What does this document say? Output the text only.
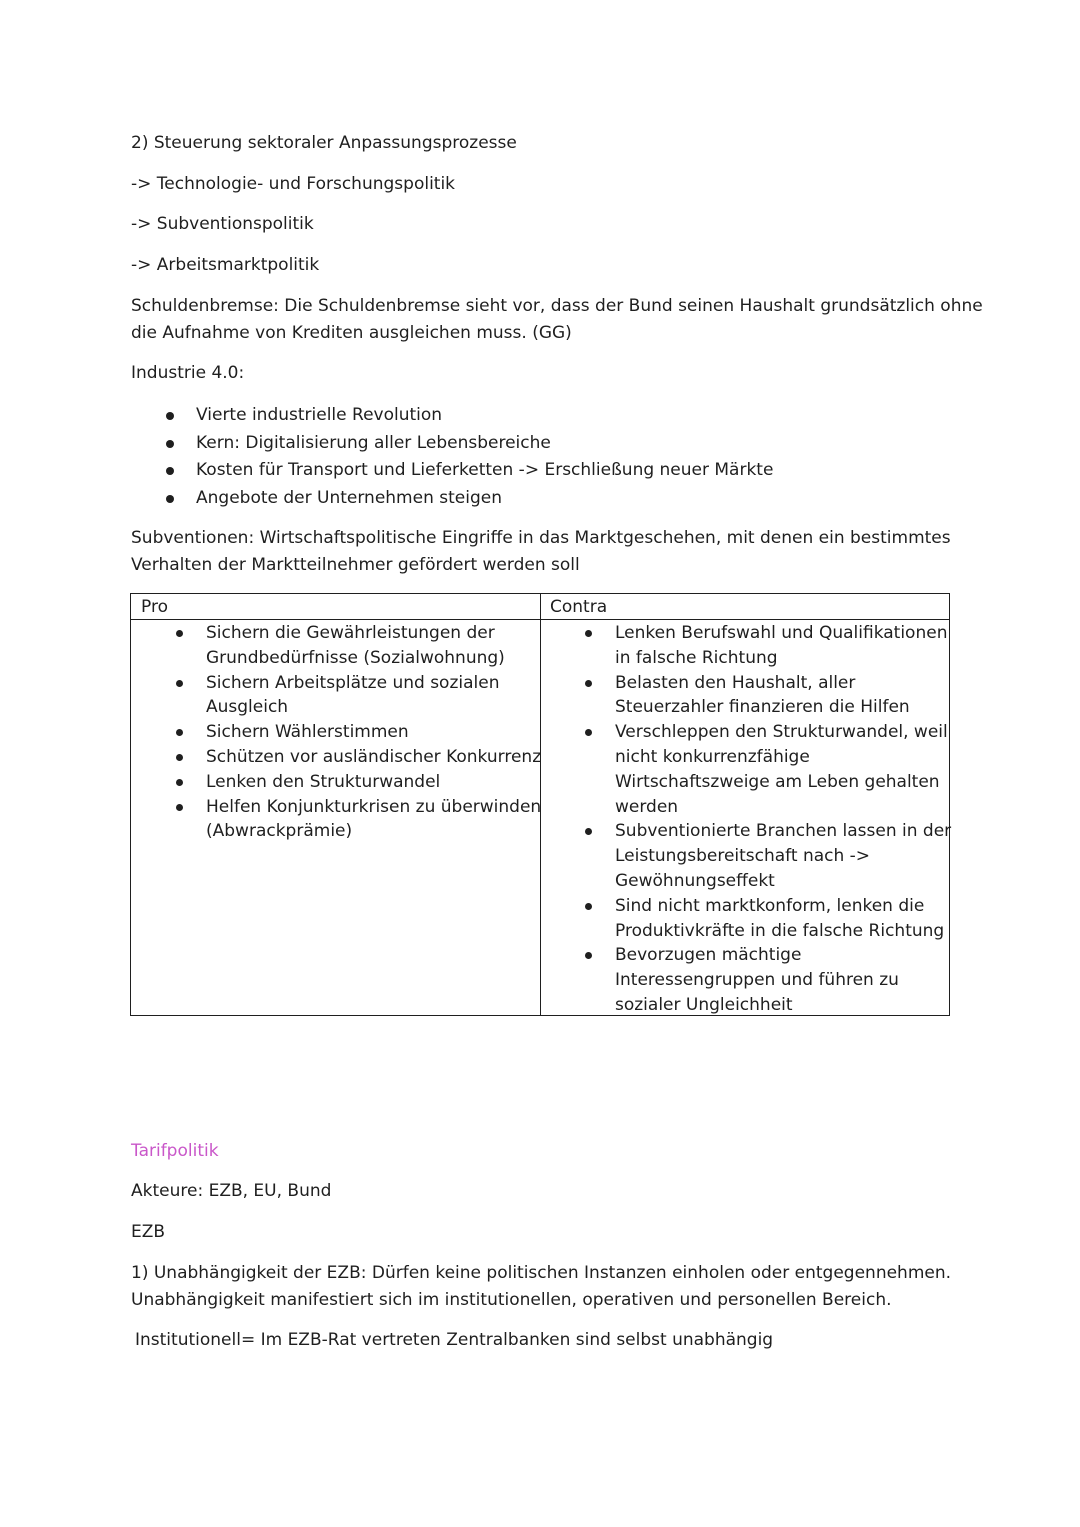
2) Steuerung sektoraler Anpassungsprozesse
-> Technologie- und Forschungspolitik
-> Subventionspolitik
-> Arbeitsmarktpolitik

Schuldenbremse: Die Schuldenbremse sieht vor, dass der Bund seinen Haushalt grundsätzlich ohne

die Aufnahme von Krediten ausgleichen muss. (GG)

Industrie 4.0:
Vierte industrielle Revolution
Kern: Digitalisierung aller Lebensbereiche
Kosten für Transport und Lieferketten -> Erschließung neuer Märkte
Angebote der Unternehmen steigen

Subventionen: Wirtschaftspolitische Eingriffe in das Marktgeschehen, mit denen ein bestimmtes

Verhalten der Marktteilnehmer gefördert werden soll

Pro	Contra
Sichern die Gewährleistungen der
Grundbedürfnisse (Sozialwohnung)
Sichern Arbeitsplätze und sozialen
Ausgleich
Sichern Wählerstimmen
Schützen vor ausländischer Konkurrenz
Lenken den Strukturwandel
Helfen Konjunkturkrisen zu überwinden
(Abwrackprämie)
Lenken Berufswahl und Qualifikationen
in falsche Richtung
Belasten den Haushalt, aller
Steuerzahler finanzieren die Hilfen
Verschleppen den Strukturwandel, weil
nicht konkurrenzfähige
Wirtschaftszweige am Leben gehalten
werden
Subventionierte Branchen lassen in der
Leistungsbereitschaft nach ->
Gewöhnungseffekt
Sind nicht marktkonform, lenken die
Produktivkräfte in die falsche Richtung
Bevorzugen mächtige
Interessengruppen und führen zu
sozialer Ungleichheit
Tarifpolitik
Akteure: EZB, EU, Bund
EZB

1) Unabhängigkeit der EZB: Dürfen keine politischen Instanzen einholen oder entgegennehmen.

Unabhängigkeit manifestiert sich im institutionellen, operativen und personellen Bereich.

Institutionell= Im EZB-Rat vertreten Zentralbanken sind selbst unabhängig
